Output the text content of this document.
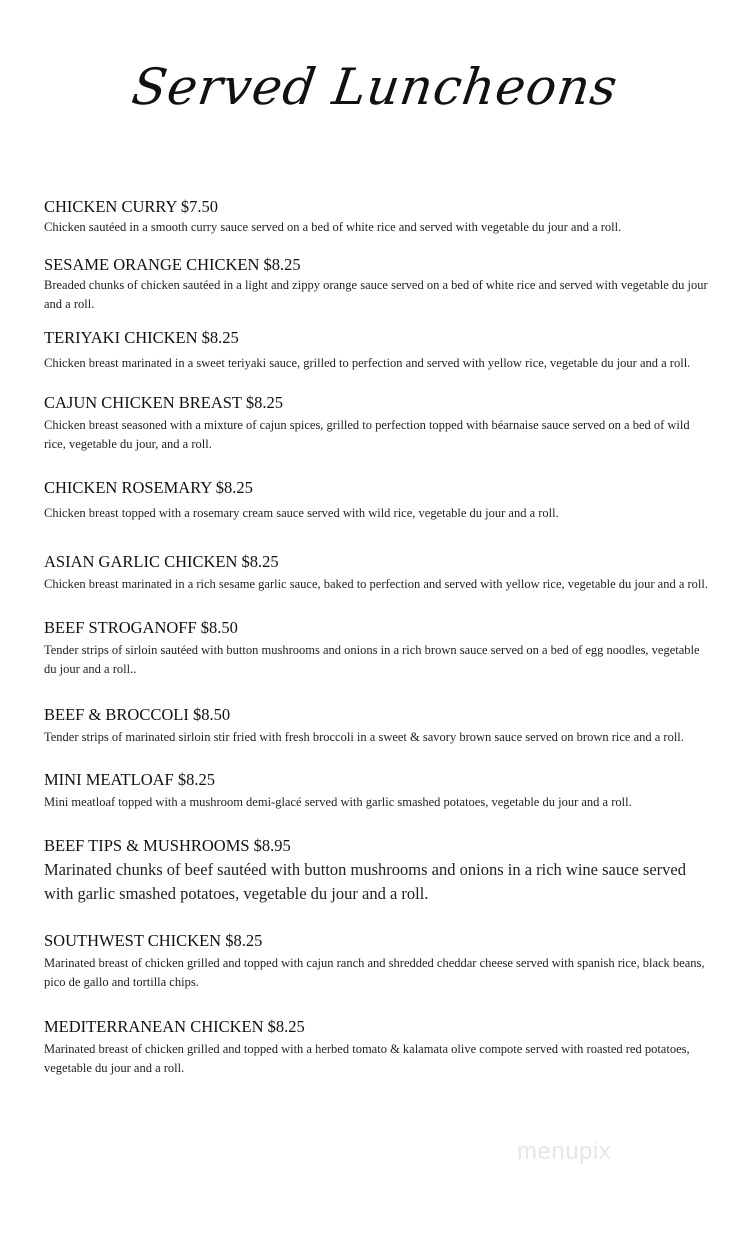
Served Luncheons
CHICKEN CURRY $7.50
Chicken sautéed in a smooth curry sauce served on a bed of white rice and served with vegetable du jour and a roll.
SESAME ORANGE CHICKEN $8.25
Breaded chunks of chicken sautéed in a light and zippy orange sauce served on a bed of white rice and served with vegetable du jour and a roll.
TERIYAKI CHICKEN $8.25
Chicken breast marinated in a sweet teriyaki sauce, grilled to perfection and served with yellow rice, vegetable du jour and a roll.
CAJUN CHICKEN BREAST $8.25
Chicken breast seasoned with a mixture of cajun spices, grilled to perfection topped with béarnaise sauce served on a bed of wild rice, vegetable du jour, and a roll.
CHICKEN ROSEMARY $8.25
Chicken breast topped with a rosemary cream sauce served with wild rice, vegetable du jour and a roll.
ASIAN GARLIC CHICKEN $8.25
Chicken breast marinated in a rich sesame garlic sauce, baked to perfection and served with yellow rice, vegetable du jour and a roll.
BEEF STROGANOFF $8.50
Tender strips of sirloin sautéed with button mushrooms and onions in a rich brown sauce served on a bed of egg noodles, vegetable du jour and a roll..
BEEF & BROCCOLI $8.50
Tender strips of marinated sirloin stir fried with fresh broccoli in a sweet & savory brown sauce served on brown rice and a roll.
MINI MEATLOAF $8.25
Mini meatloaf topped with a mushroom demi-glacé served with garlic smashed potatoes, vegetable du jour and a roll.
BEEF TIPS & MUSHROOMS $8.95
Marinated chunks of beef sautéed with button mushrooms and onions in a rich wine sauce served with garlic smashed potatoes, vegetable du jour and a roll.
SOUTHWEST CHICKEN $8.25
Marinated breast of chicken grilled and topped with cajun ranch and shredded cheddar cheese served with spanish rice, black beans, pico de gallo and tortilla chips.
MEDITERRANEAN CHICKEN $8.25
Marinated breast of chicken grilled and topped with a herbed tomato & kalamata olive compote served with roasted red potatoes, vegetable du jour and a roll.
menupix
